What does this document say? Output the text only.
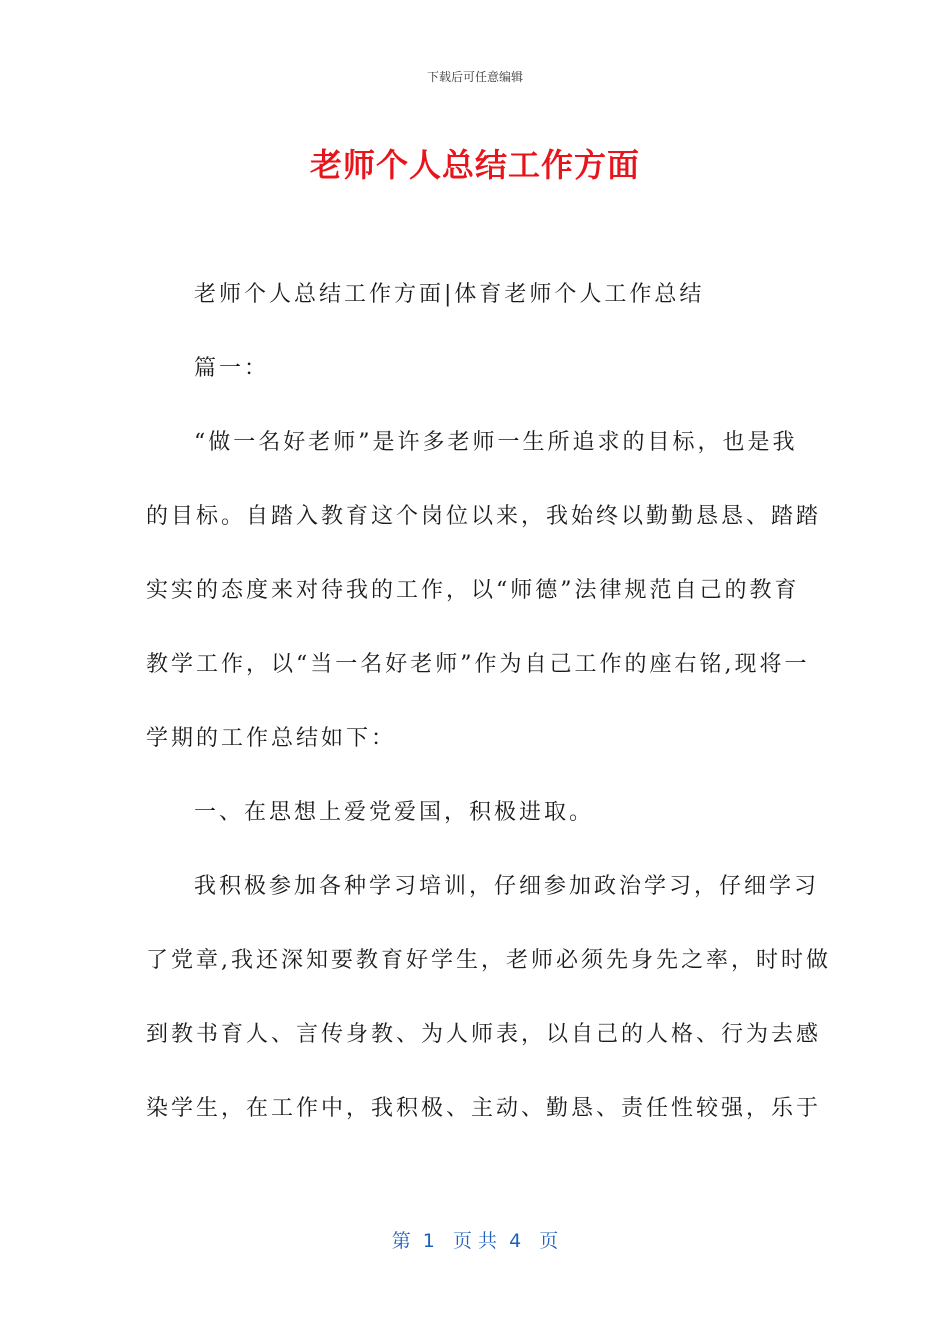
下载后可任意编辑
老师个人总结工作方面
老师个人总结工作方面|体育老师个人工作总结
篇一：
“做一名好老师”是许多老师一生所追求的目标，也是我
的目标。自踏入教育这个岗位以来，我始终以勤勤恳恳、踏踏
实实的态度来对待我的工作，以“师德”法律规范自己的教育
教学工作，以“当一名好老师”作为自己工作的座右铭,现将一
学期的工作总结如下：
一、在思想上爱党爱国，积极进取。
我积极参加各种学习培训，仔细参加政治学习，仔细学习
了党章,我还深知要教育好学生，老师必须先身先之率，时时做
到教书育人、言传身教、为人师表，以自己的人格、行为去感
染学生，在工作中，我积极、主动、勤恳、责任性较强，乐于
第  1   页 共  4   页
